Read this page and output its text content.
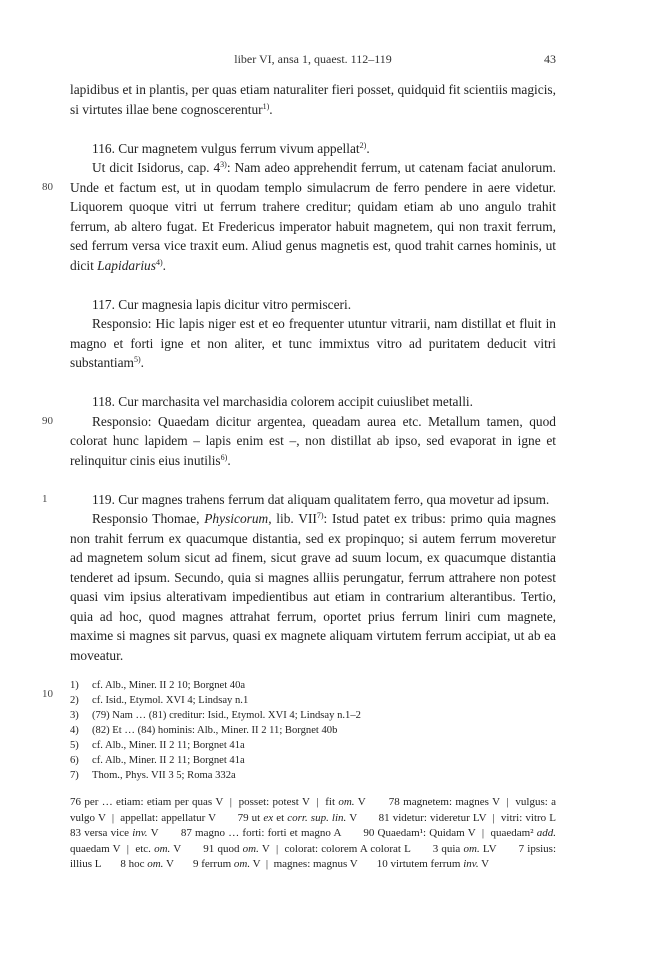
liber VI, ansa 1, quaest. 112–119	43

lapidibus et in plantis, per quas etiam naturaliter fieri posset, quidquid fit scientiis magicis, si virtutes illae bene cognoscerentur$^{1)}$.

116. Cur magnetem vulgus ferrum vivum appellat$^{2)}$.

80
Ut dicit Isidorus, cap. 4$^{3)}$: Nam adeo apprehendit ferrum, ut catenam faciat anulorum. Unde et factum est, ut in quodam templo simulacrum de ferro pendere in aere videtur. Liquorem quoque vitri ut ferrum trahere creditur; quidam etiam ab uno angulo trahit ferrum, ab altero fugat. Et Fredericus imperator habuit magnetem, qui non traxit ferrum, sed ferrum versa vice traxit eum. Aliud genus magnetis est, quod trahit carnes hominis, ut dicit Lapidarius$^{4)}$.

117. Cur magnesia lapis dicitur vitro permisceri.

Responsio: Hic lapis niger est et eo frequenter utuntur vitrarii, nam distillat et fluit in magno et forti igne et non aliter, et tunc immixtus vitro ad puritatem deducit vitri substantiam$^{5)}$.

118. Cur marchasita vel marchasidia colorem accipit cuiuslibet metalli.

90	Responsio: Quaedam dicitur argentea, queadam aurea etc. Metallum tamen, quod colorat hunc lapidem – lapis enim est –, non distillat ab ipso, sed evaporat in igne et relinquitur cinis eius inutilis$^{6)}$.

1	119. Cur magnes trahens ferrum dat aliquam qualitatem ferro, qua movetur ad ipsum.

10
Responsio Thomae, Physicorum, lib. VII$^{7)}$: Istud patet ex tribus: primo quia magnes non trahit ferrum ex quacumque distantia, sed ex propinquo; si autem ferrum moveretur ad magnetem solum sicut ad finem, sicut grave ad suum locum, ex quacumque distantia tenderet ad ipsum. Secundo, quia si magnes alliis perungatur, ferrum attrahere non potest quasi vim ipsius alterativam impedientibus aut etiam in contrarium alterantibus. Tertio, quia ad hoc, quod magnes attrahat ferrum, oportet prius ferrum liniri cum magnete, maxime si magnes sit parvus, quasi ex magnete aliquam virtutem ferrum accipiat, ut ab ea moveatur.

1)	cf. Alb., Miner. II 2 10; Borgnet 40a
2)	cf. Isid., Etymol. XVI 4; Lindsay n.1
3)	(79) Nam … (81) creditur: Isid., Etymol. XVI 4; Lindsay n.1–2
4)	(82) Et … (84) hominis: Alb., Miner. II 2 11; Borgnet 40b
5)	cf. Alb., Miner. II 2 11; Borgnet 41a
6)	cf. Alb., Miner. II 2 11; Borgnet 41a
7)	Thom., Phys. VII 3 5; Roma 332a
76 per … etiam: etiam per quas V  |  posset: potest V  |  fit om. V       78 magnetem: magnes V  |  vulgus: a vulgo V  |  appellat: appellatur V       79 ut ex et corr. sup. lin. V       81 videtur: videretur LV  |  vitri: vitro L       83 versa vice inv. V       87 magno … forti: forti et magno A       90 Quaedam¹: Quidam V  |  quaedam² add. quaedam V  |  etc. om. V       91 quod om. V  |  colorat: colorem A colorat L       3 quia om. LV       7 ipsius: illius L       8 hoc om. V       9 ferrum om. V  |  magnes: magnus V       10 virtutem ferrum inv. V
